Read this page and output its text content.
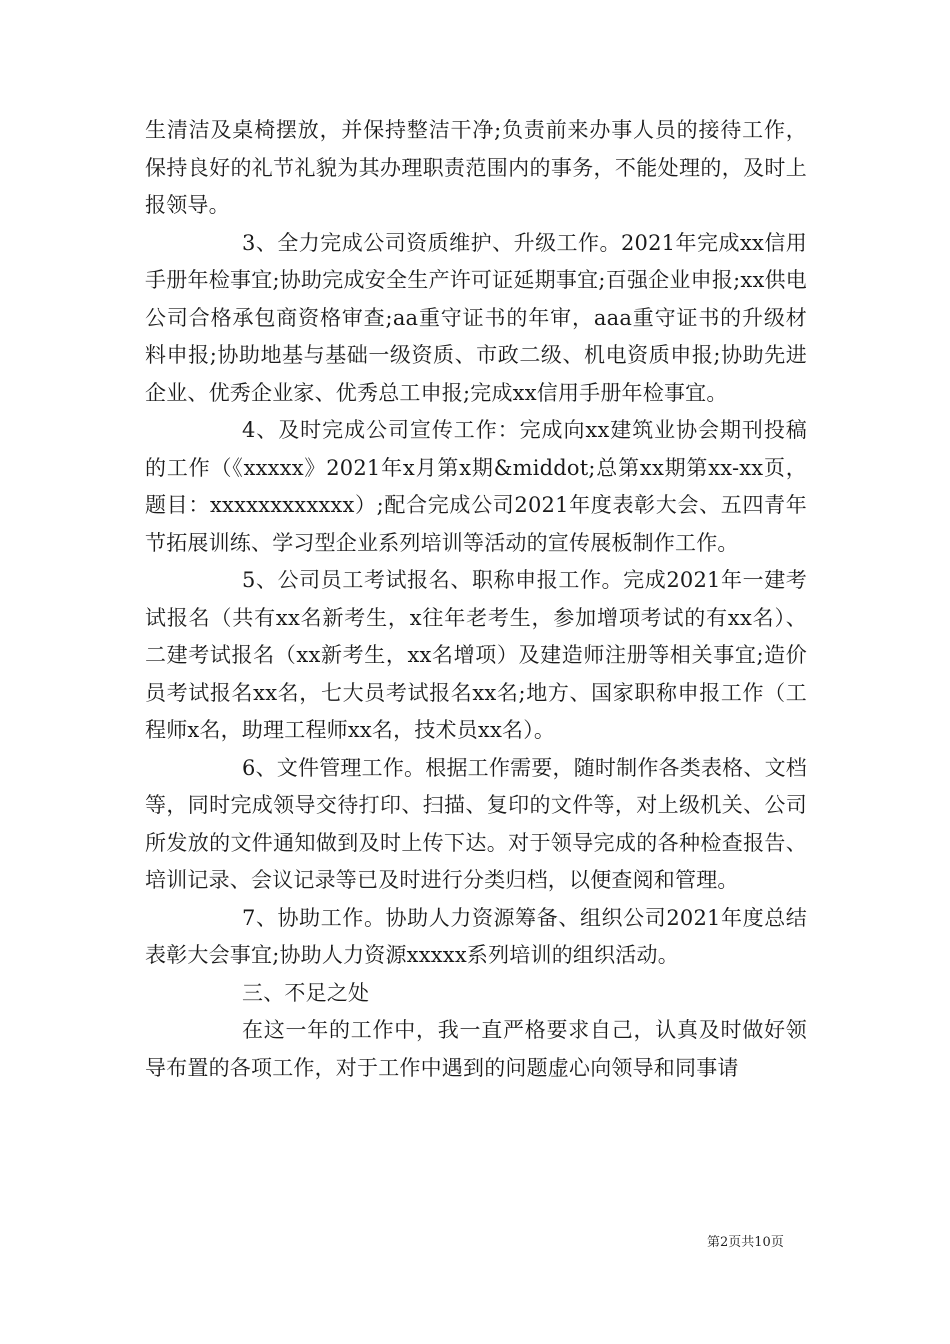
生清洁及桌椅摆放，并保持整洁干净;负责前来办事人员的接待工作，保持良好的礼节礼貌为其办理职责范围内的事务，不能处理的，及时上报领导。

3、全力完成公司资质维护、升级工作。2021年完成xx信用手册年检事宜;协助完成安全生产许可证延期事宜;百强企业申报;xx供电公司合格承包商资格审查;aa重守证书的年审，aaa重守证书的升级材料申报;协助地基与基础一级资质、市政二级、机电资质申报;协助先进企业、优秀企业家、优秀总工申报;完成xx信用手册年检事宜。

4、及时完成公司宣传工作：完成向xx建筑业协会期刊投稿的工作（《xxxxx》2021年x月第x期&middot;总第xx期第xx-xx页，题目：xxxxxxxxxxxx）;配合完成公司2021年度表彰大会、五四青年节拓展训练、学习型企业系列培训等活动的宣传展板制作工作。

5、公司员工考试报名、职称申报工作。完成2021年一建考试报名（共有xx名新考生，x往年老考生，参加增项考试的有xx名）、二建考试报名（xx新考生，xx名增项）及建造师注册等相关事宜;造价员考试报名xx名，七大员考试报名xx名;地方、国家职称申报工作（工程师x名，助理工程师xx名，技术员xx名）。

6、文件管理工作。根据工作需要，随时制作各类表格、文档等，同时完成领导交待打印、扫描、复印的文件等，对上级机关、公司所发放的文件通知做到及时上传下达。对于领导完成的各种检查报告、培训记录、会议记录等已及时进行分类归档，以便查阅和管理。

7、协助工作。协助人力资源筹备、组织公司2021年度总结表彰大会事宜;协助人力资源xxxxx系列培训的组织活动。

三、不足之处

在这一年的工作中，我一直严格要求自己，认真及时做好领导布置的各项工作，对于工作中遇到的问题虚心向领导和同事请

第2页共10页
